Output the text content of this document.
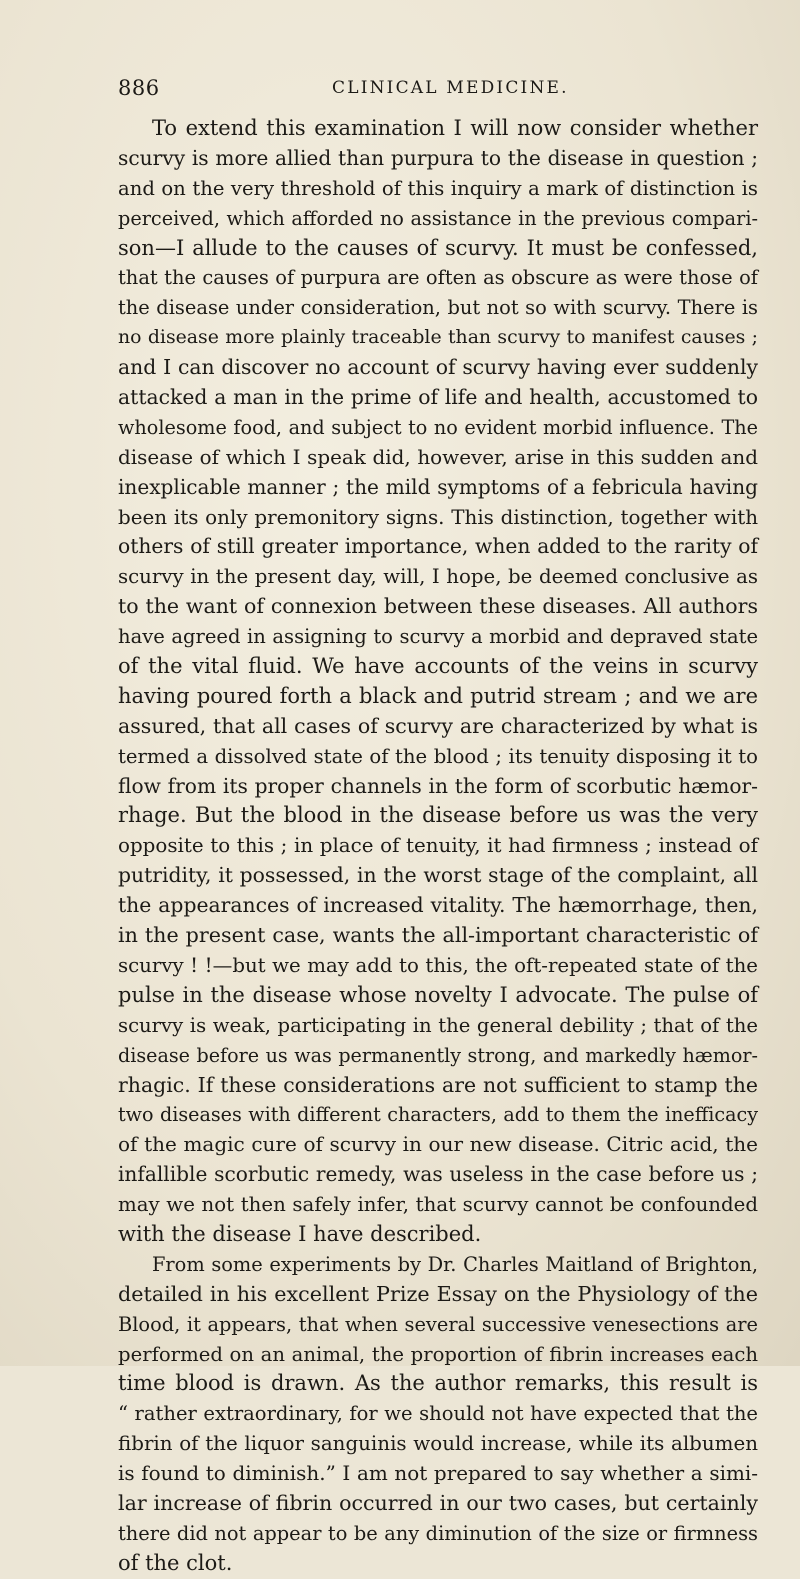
886	CLINICAL MEDICINE.
To extend this examination I will now consider whether
scurvy is more allied than purpura to the disease in question ;
and on the very threshold of this inquiry a mark of distinction is
perceived, which afforded no assistance in the previous compari-
son—I allude to the causes of scurvy. It must be confessed,
that the causes of purpura are often as obscure as were those of
the disease under consideration, but not so with scurvy. There is
no disease more plainly traceable than scurvy to manifest causes ;
and I can discover no account of scurvy having ever suddenly
attacked a man in the prime of life and health, accustomed to
wholesome food, and subject to no evident morbid influence. The
disease of which I speak did, however, arise in this sudden and
inexplicable manner ; the mild symptoms of a febricula having
been its only premonitory signs. This distinction, together with
others of still greater importance, when added to the rarity of
scurvy in the present day, will, I hope, be deemed conclusive as
to the want of connexion between these diseases. All authors
have agreed in assigning to scurvy a morbid and depraved state
of the vital fluid. We have accounts of the veins in scurvy
having poured forth a black and putrid stream ; and we are
assured, that all cases of scurvy are characterized by what is
termed a dissolved state of the blood ; its tenuity disposing it to
flow from its proper channels in the form of scorbutic hæmor-
rhage. But the blood in the disease before us was the very
opposite to this ; in place of tenuity, it had firmness ; instead of
putridity, it possessed, in the worst stage of the complaint, all
the appearances of increased vitality. The hæmorrhage, then,
in the present case, wants the all-important characteristic of
scurvy ! !—but we may add to this, the oft-repeated state of the
pulse in the disease whose novelty I advocate. The pulse of
scurvy is weak, participating in the general debility ; that of the
disease before us was permanently strong, and markedly hæmor-
rhagic. If these considerations are not sufficient to stamp the
two diseases with different characters, add to them the inefficacy
of the magic cure of scurvy in our new disease. Citric acid, the
infallible scorbutic remedy, was useless in the case before us ;
may we not then safely infer, that scurvy cannot be confounded
with the disease I have described.
From some experiments by Dr. Charles Maitland of Brighton,
detailed in his excellent Prize Essay on the Physiology of the
Blood, it appears, that when several successive venesections are
performed on an animal, the proportion of fibrin increases each
time blood is drawn. As the author remarks, this result is
“ rather extraordinary, for we should not have expected that the
fibrin of the liquor sanguinis would increase, while its albumen
is found to diminish.” I am not prepared to say whether a simi-
lar increase of fibrin occurred in our two cases, but certainly
there did not appear to be any diminution of the size or firmness
of the clot.
